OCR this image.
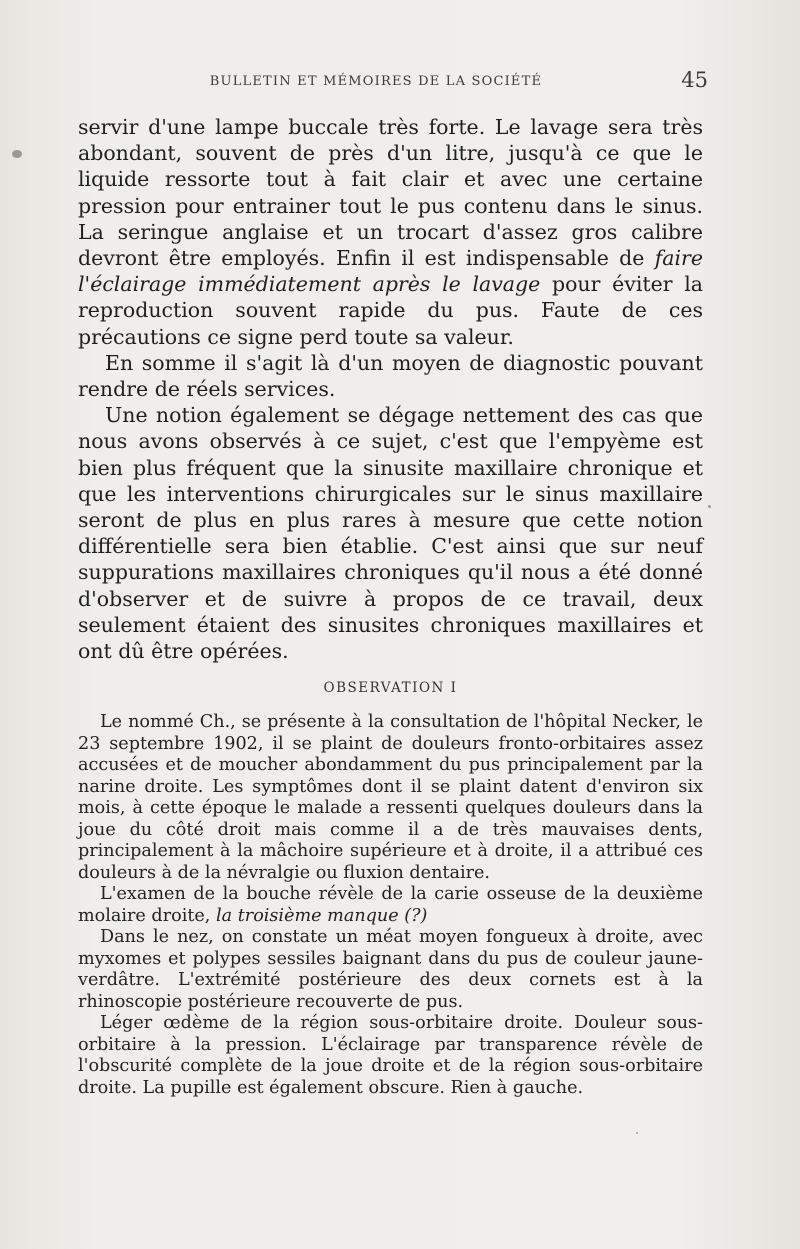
BULLETIN ET MÉMOIRES DE LA SOCIÉTÉ	45

servir d'une lampe buccale très forte. Le lavage sera très abondant, souvent de près d'un litre, jusqu'à ce que le liquide ressorte tout à fait clair et avec une certaine pression pour entrainer tout le pus contenu dans le sinus. La seringue anglaise et un trocart d'assez gros calibre devront être employés. Enfin il est indispensable de faire l'éclairage immédiatement après le lavage pour éviter la reproduction souvent rapide du pus. Faute de ces précautions ce signe perd toute sa valeur.

En somme il s'agit là d'un moyen de diagnostic pouvant rendre de réels services.

Une notion également se dégage nettement des cas que nous avons observés à ce sujet, c'est que l'empyème est bien plus fréquent que la sinusite maxillaire chronique et que les interventions chirurgicales sur le sinus maxillaire seront de plus en plus rares à mesure que cette notion différentielle sera bien établie. C'est ainsi que sur neuf suppurations maxillaires chroniques qu'il nous a été donné d'observer et de suivre à propos de ce travail, deux seulement étaient des sinusites chroniques maxillaires et ont dû être opérées.

OBSERVATION I

Le nommé Ch., se présente à la consultation de l'hôpital Necker, le 23 septembre 1902, il se plaint de douleurs fronto-orbitaires assez accusées et de moucher abondamment du pus principalement par la narine droite. Les symptômes dont il se plaint datent d'environ six mois, à cette époque le malade a ressenti quelques douleurs dans la joue du côté droit mais comme il a de très mauvaises dents, principalement à la mâchoire supérieure et à droite, il a attribué ces douleurs à de la névralgie ou fluxion dentaire.

L'examen de la bouche révèle de la carie osseuse de la deuxième molaire droite, la troisième manque (?)

Dans le nez, on constate un méat moyen fongueux à droite, avec myxomes et polypes sessiles baignant dans du pus de couleur jaune-verdâtre. L'extrémité postérieure des deux cornets est à la rhinoscopie postérieure recouverte de pus.

Léger œdème de la région sous-orbitaire droite. Douleur sous-orbitaire à la pression. L'éclairage par transparence révèle de l'obscurité complète de la joue droite et de la région sous-orbitaire droite. La pupille est également obscure. Rien à gauche.
